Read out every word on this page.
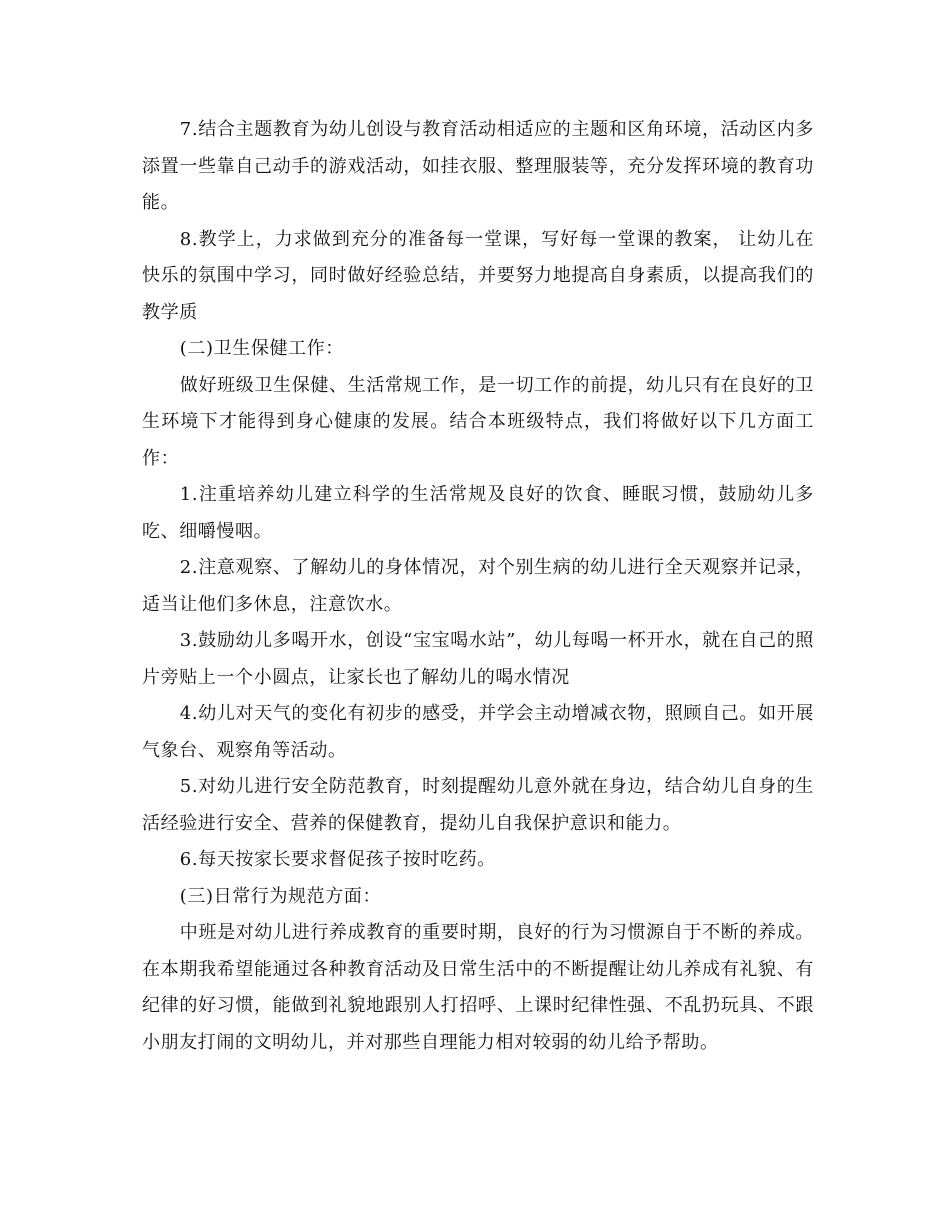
7.结合主题教育为幼儿创设与教育活动相适应的主题和区角环境，活动区内多添置一些靠自己动手的游戏活动，如挂衣服、整理服装等，充分发挥环境的教育功能。

8.教学上，力求做到充分的准备每一堂课，写好每一堂课的教案， 让幼儿在快乐的氛围中学习，同时做好经验总结，并要努力地提高自身素质，以提高我们的教学质

(二)卫生保健工作：

做好班级卫生保健、生活常规工作，是一切工作的前提，幼儿只有在良好的卫生环境下才能得到身心健康的发展。结合本班级特点，我们将做好以下几方面工作：

1.注重培养幼儿建立科学的生活常规及良好的饮食、睡眠习惯，鼓励幼儿多吃、细嚼慢咽。

2.注意观察、了解幼儿的身体情况，对个别生病的幼儿进行全天观察并记录，适当让他们多休息，注意饮水。

3.鼓励幼儿多喝开水，创设“宝宝喝水站”，幼儿每喝一杯开水，就在自己的照片旁贴上一个小圆点，让家长也了解幼儿的喝水情况

4.幼儿对天气的变化有初步的感受，并学会主动增减衣物，照顾自己。如开展气象台、观察角等活动。

5.对幼儿进行安全防范教育，时刻提醒幼儿意外就在身边，结合幼儿自身的生活经验进行安全、营养的保健教育，提幼儿自我保护意识和能力。

6.每天按家长要求督促孩子按时吃药。

(三)日常行为规范方面：

中班是对幼儿进行养成教育的重要时期，良好的行为习惯源自于不断的养成。在本期我希望能通过各种教育活动及日常生活中的不断提醒让幼儿养成有礼貌、有纪律的好习惯，能做到礼貌地跟别人打招呼、上课时纪律性强、不乱扔玩具、不跟小朋友打闹的文明幼儿，并对那些自理能力相对较弱的幼儿给予帮助。
